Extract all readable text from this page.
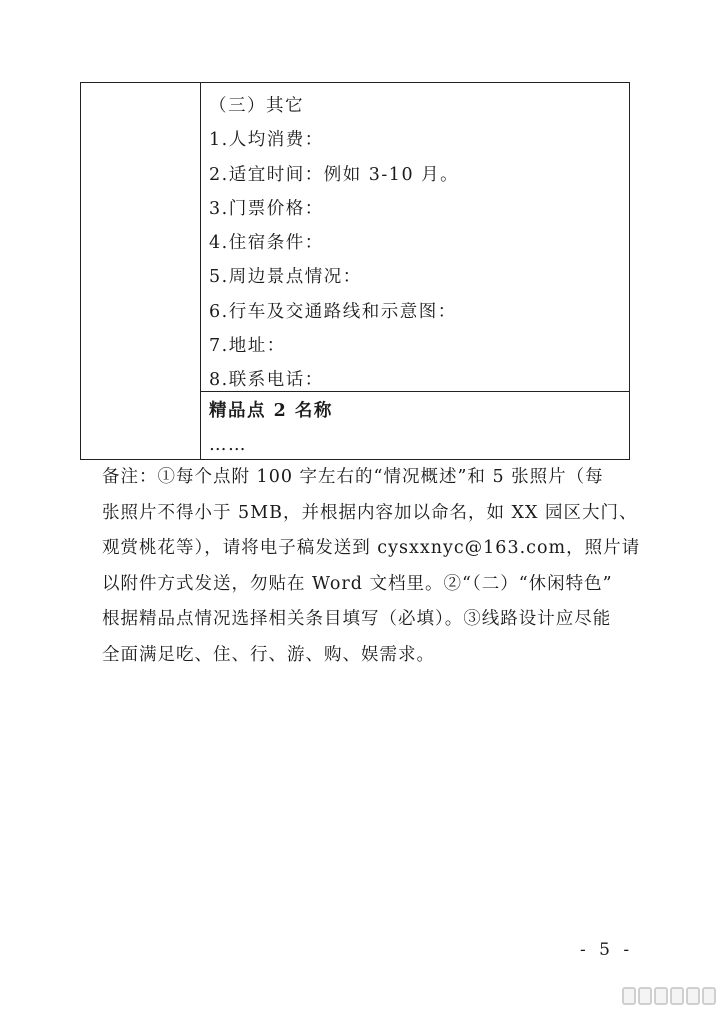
（三）其它
1.人均消费：
2.适宜时间：例如 3-10 月。
3.门票价格：
4.住宿条件：
5.周边景点情况：
6.行车及交通路线和示意图：
7.地址：
8.联系电话：
精品点 2 名称
……
备注：①每个点附 100 字左右的“情况概述”和 5 张照片（每
张照片不得小于 5MB，并根据内容加以命名，如 XX 园区大门、
观赏桃花等），请将电子稿发送到 cysxxnyc@163.com，照片请
以附件方式发送，勿贴在 Word 文档里。②“（二）“休闲特色”
根据精品点情况选择相关条目填写（必填）。③线路设计应尽能
全面满足吃、住、行、游、购、娱需求。
- 5 -
